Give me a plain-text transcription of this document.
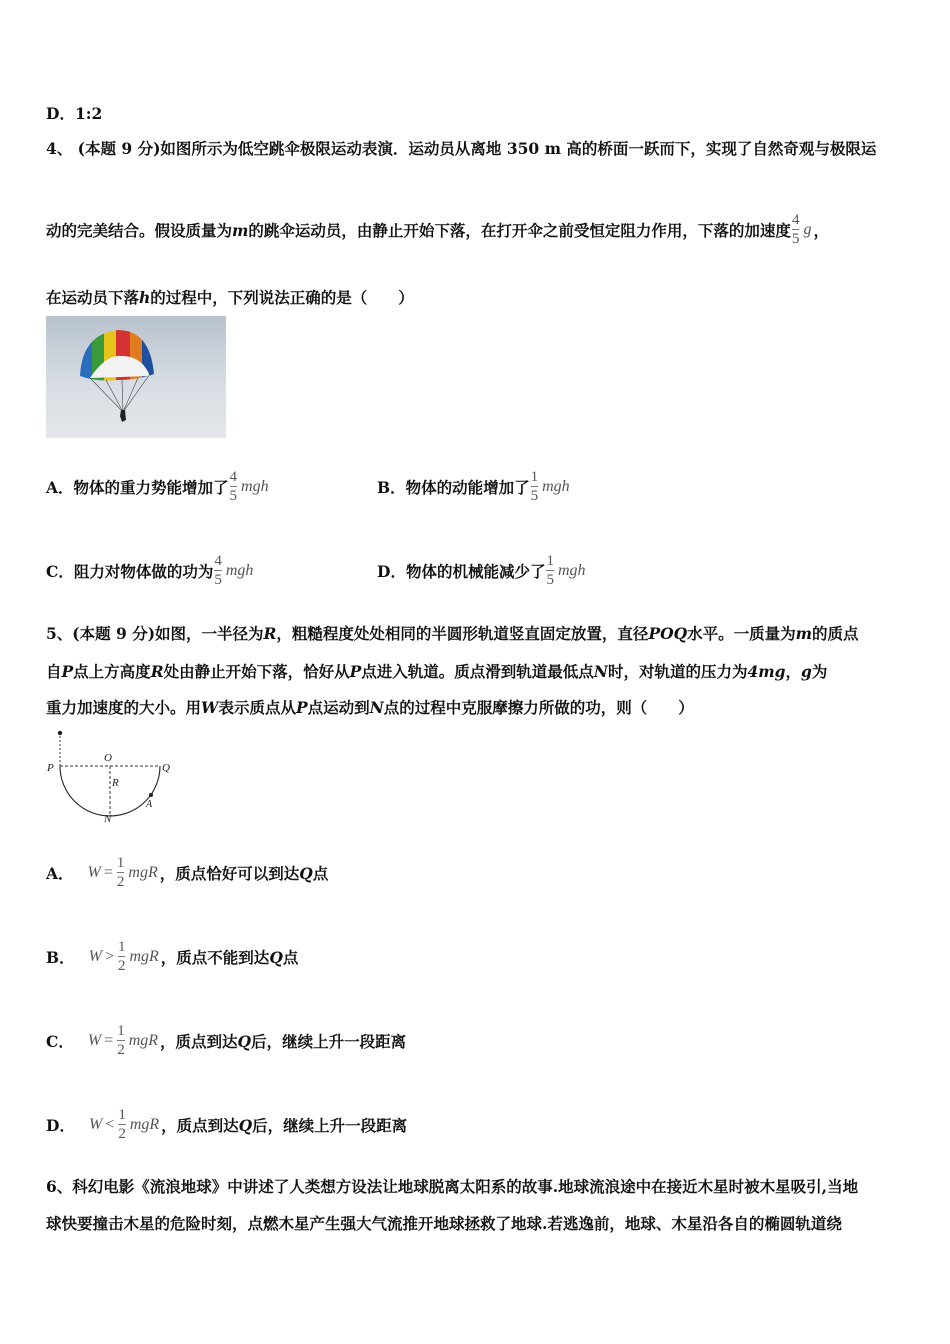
D．1:2
4、 (本题 9 分)如图所示为低空跳伞极限运动表演．运动员从离地 350 m 高的桥面一跃而下，实现了自然奇观与极限运
动的完美结合。假设质量为 m 的跳伞运动员，由静止开始下落，在打开伞之前受恒定阻力作用，下落的加速度 $\frac{4}{5}$ g ，
在运动员下落h的过程中，下列说法正确的是（　　）
A．物体的重力势能增加了 $\frac{4}{5}$ mgh	B．物体的动能增加了 $\frac{1}{5}$ mgh
C．阻力对物体做的功为 $\frac{4}{5}$ mgh	D．物体的机械能减少了 $\frac{1}{5}$ mgh
5、(本题 9 分)如图，一半径为R，粗糙程度处处相同的半圆形轨道竖直固定放置，直径POQ水平。一质量为m的质点
自P点上方高度R处由静止开始下落，恰好从P点进入轨道。质点滑到轨道最低点N时，对轨道的压力为4mg，g为
重力加速度的大小。用W表示质点从P点运动到N点的过程中克服摩擦力所做的功，则（　　）
P
O
Q
R
A
N
A． $W = \frac{1}{2}$ mgR ，质点恰好可以到达 Q 点
B． $W > \frac{1}{2}$ mgR ，质点不能到达 Q 点
C． $W = \frac{1}{2}$ mgR ，质点到达 Q 后，继续上升一段距离
D． $W < \frac{1}{2}$ mgR ，质点到达 Q 后，继续上升一段距离
6、科幻电影《流浪地球》中讲述了人类想方设法让地球脱离太阳系的故事.地球流浪途中在接近木星时被木星吸引,当地
球快要撞击木星的危险时刻，点燃木星产生强大气流推开地球拯救了地球.若逃逸前，地球、木星沿各自的椭圆轨道绕
